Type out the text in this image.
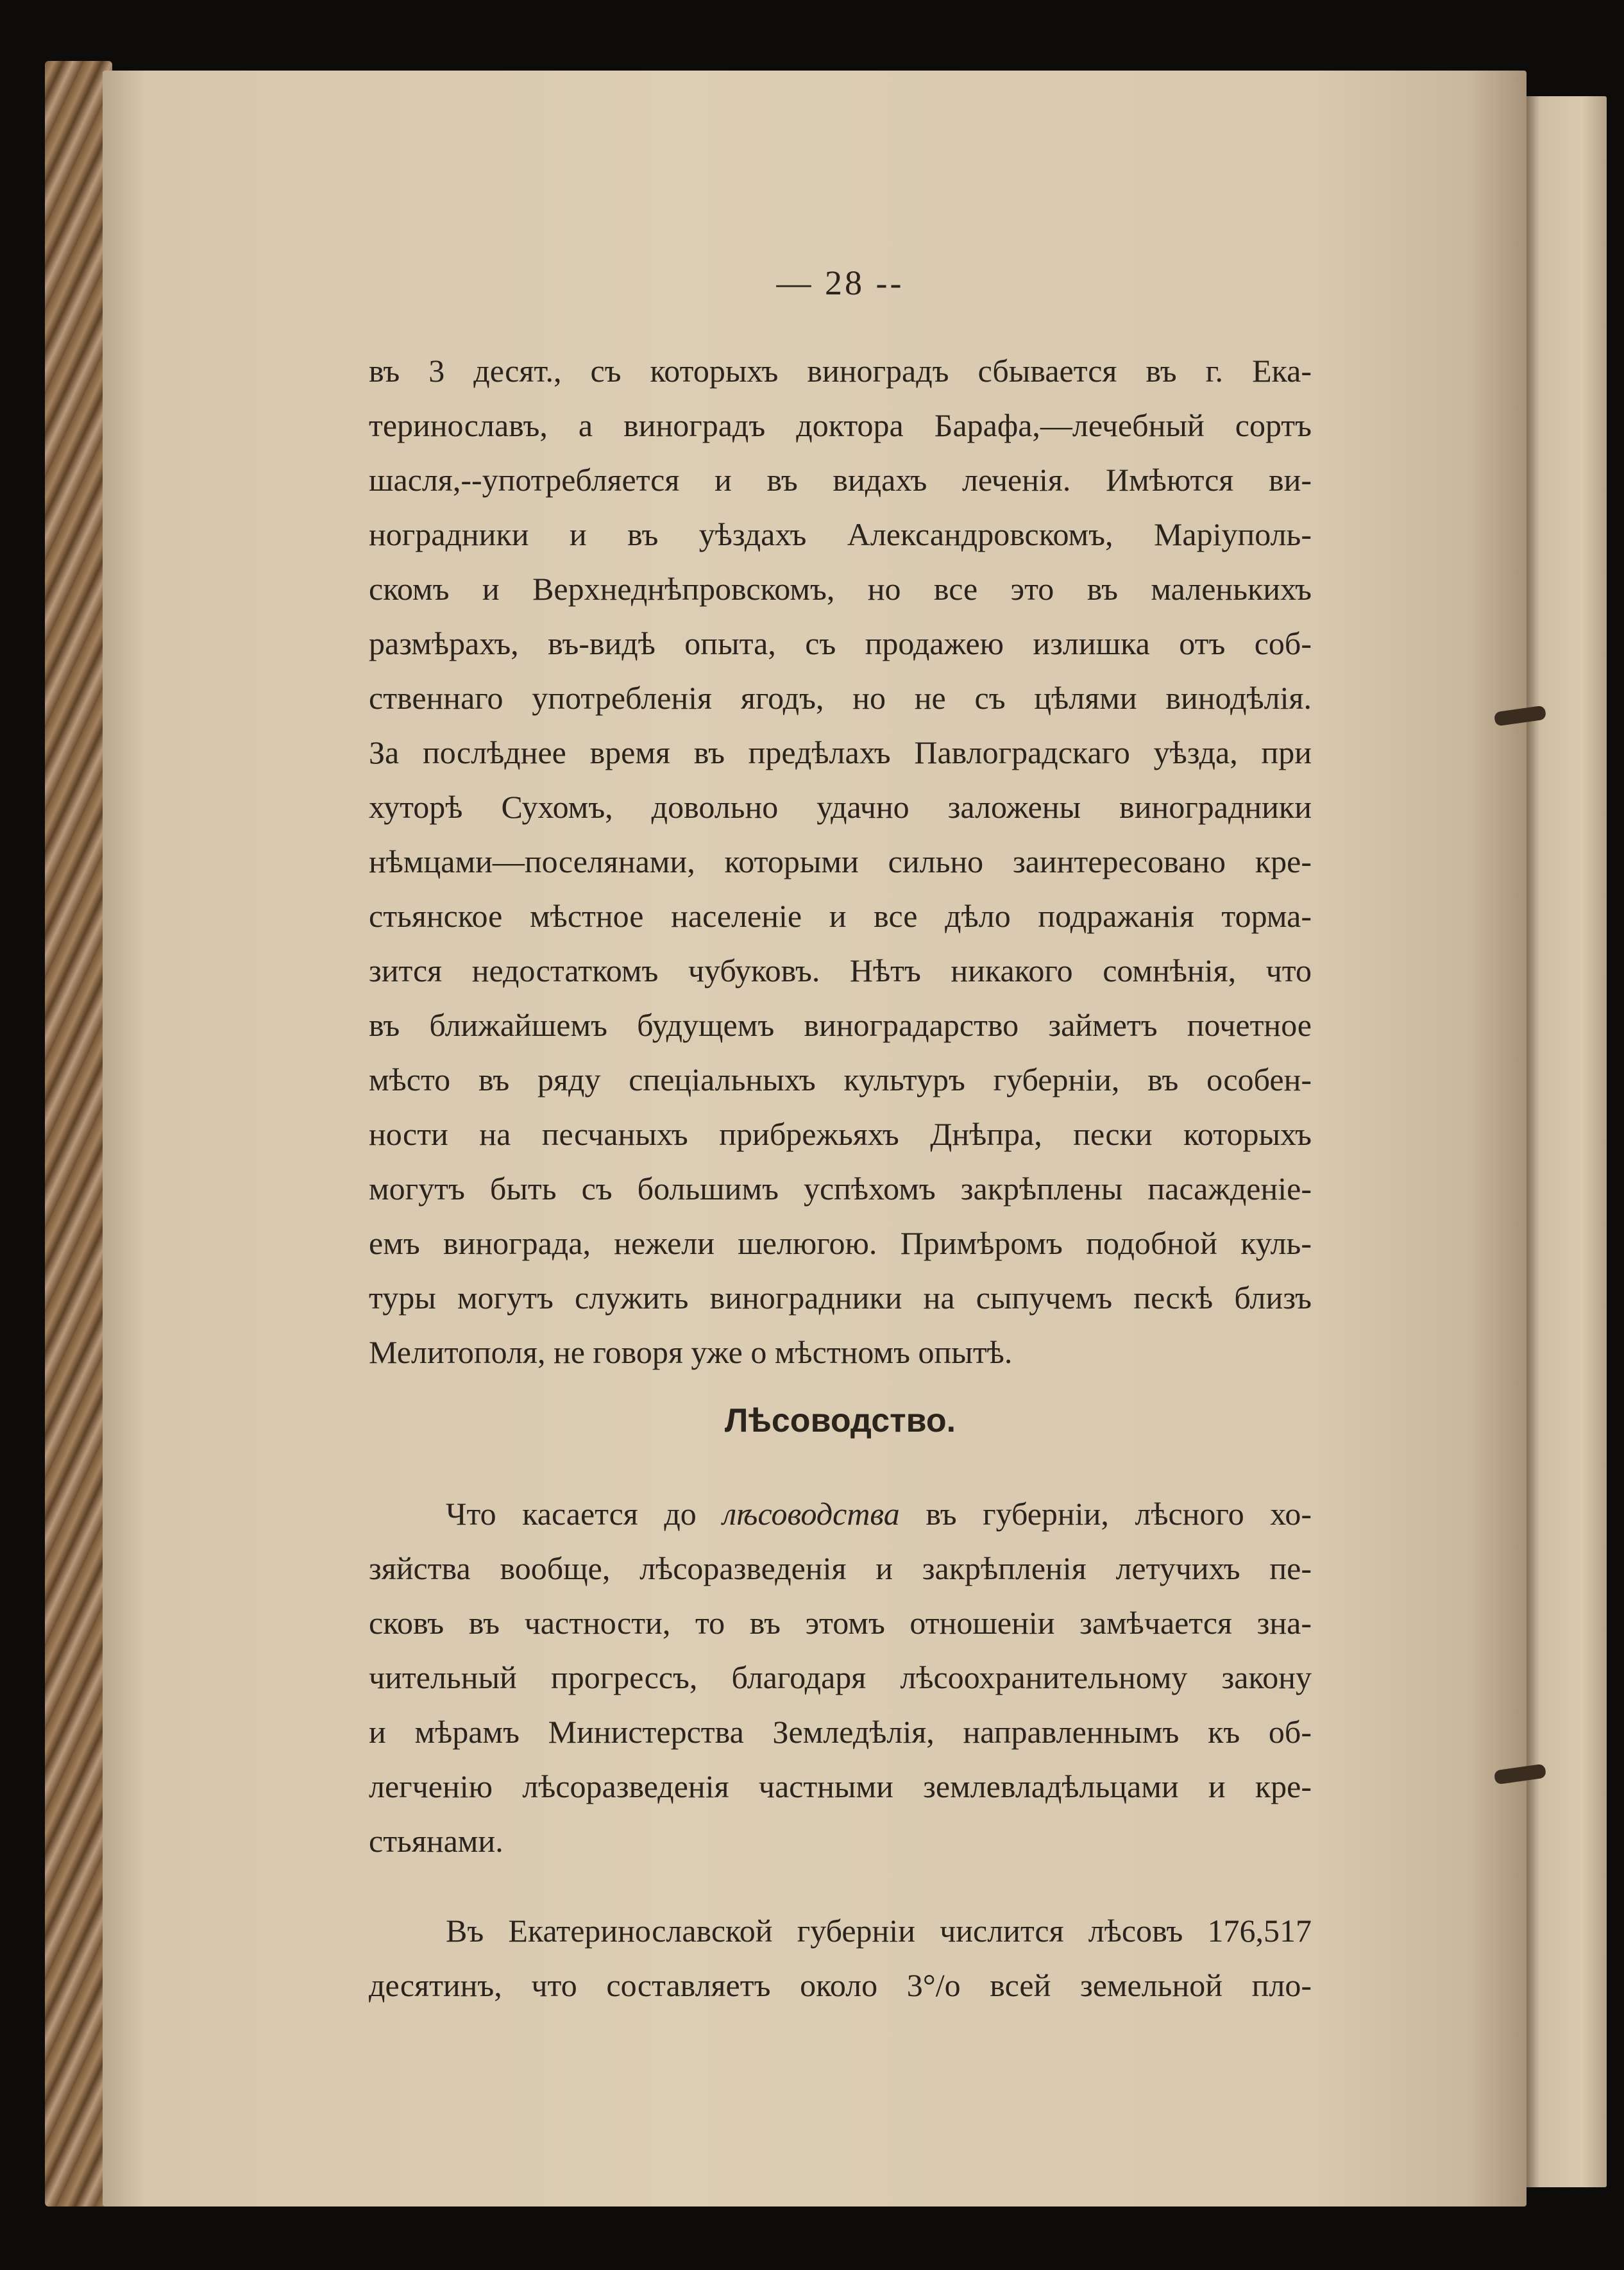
— 28 --
въ 3 десят., съ которыхъ виноградъ сбывается въ г. Ека-
теринославъ, а виноградъ доктора Барафа,—лечебный сортъ
шасля,--употребляется и въ видахъ леченія. Имѣются ви-
ноградники и въ уѣздахъ Александровскомъ, Маріуполь-
скомъ и Верхнеднѣпровскомъ, но все это въ маленькихъ
размѣрахъ, въ-видѣ опыта, съ продажею излишка отъ соб-
ственнаго употребленія ягодъ, но не съ цѣлями винодѣлія.
За послѣднее время въ предѣлахъ Павлоградскаго уѣзда, при
хуторѣ Сухомъ, довольно удачно заложены виноградники
нѣмцами—поселянами, которыми сильно заинтересовано кре-
стьянское мѣстное населеніе и все дѣло подражанія торма-
зится недостаткомъ чубуковъ. Нѣтъ никакого сомнѣнія, что
въ ближайшемъ будущемъ виноградарство займетъ почетное
мѣсто въ ряду спеціальныхъ культуръ губерніи, въ особен-
ности на песчаныхъ прибрежьяхъ Днѣпра, пески которыхъ
могутъ быть съ большимъ успѣхомъ закрѣплены пасажденіе-
емъ винограда, нежели шелюгою. Примѣромъ подобной куль-
туры могутъ служить виноградники на сыпучемъ пескѣ близъ
Мелитополя, не говоря уже о мѣстномъ опытѣ.
Лѣсоводство.
Что касается до лѣсоводства въ губерніи, лѣсного хо-
зяйства вообще, лѣсоразведенія и закрѣпленія летучихъ пе-
сковъ въ частности, то въ этомъ отношеніи замѣчается зна-
чительный прогрессъ, благодаря лѣсоохранительному закону
и мѣрамъ Министерства Земледѣлія, направленнымъ къ об-
легченію лѣсоразведенія частными землевладѣльцами и кре-
стьянами.
Въ Екатеринославской губерніи числится лѣсовъ 176,517
десятинъ, что составляетъ около 3°/о всей земельной пло-
